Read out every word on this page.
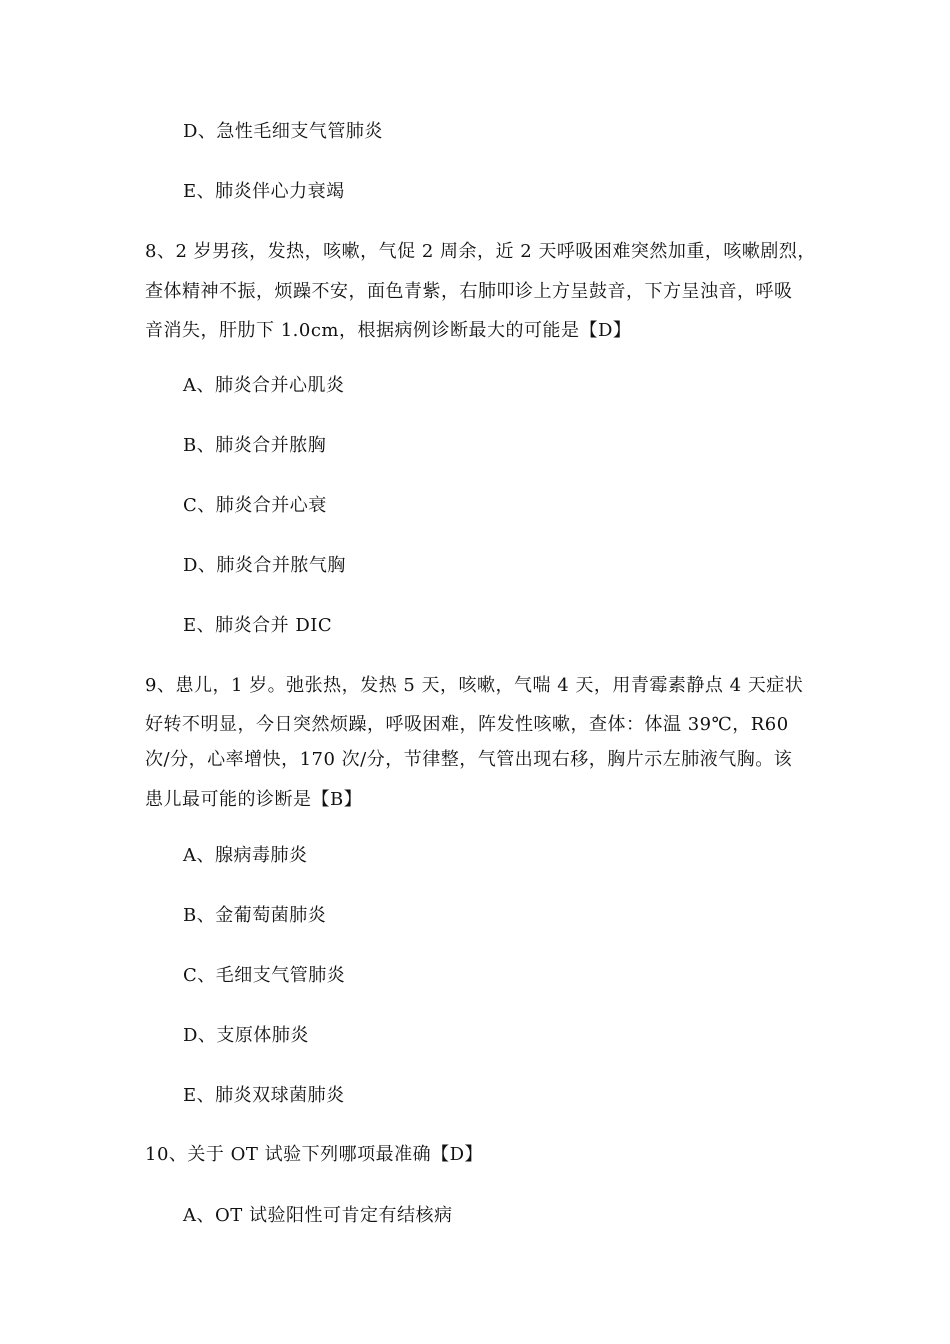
D、急性毛细支气管肺炎
E、肺炎伴心力衰竭
8、2 岁男孩，发热，咳嗽，气促 2 周余，近 2 天呼吸困难突然加重，咳嗽剧烈，
查体精神不振，烦躁不安，面色青紫，右肺叩诊上方呈鼓音，下方呈浊音，呼吸
音消失，肝肋下 1.0cm，根据病例诊断最大的可能是【D】
A、肺炎合并心肌炎
B、肺炎合并脓胸
C、肺炎合并心衰
D、肺炎合并脓气胸
E、肺炎合并 DIC
9、患儿，1 岁。弛张热，发热 5 天，咳嗽，气喘 4 天，用青霉素静点 4 天症状
好转不明显，今日突然烦躁，呼吸困难，阵发性咳嗽，查体：体温 39℃，R60
次/分，心率增快，170 次/分，节律整，气管出现右移，胸片示左肺液气胸。该
患儿最可能的诊断是【B】
A、腺病毒肺炎
B、金葡萄菌肺炎
C、毛细支气管肺炎
D、支原体肺炎
E、肺炎双球菌肺炎
10、关于 OT 试验下列哪项最准确【D】
A、OT 试验阳性可肯定有结核病
